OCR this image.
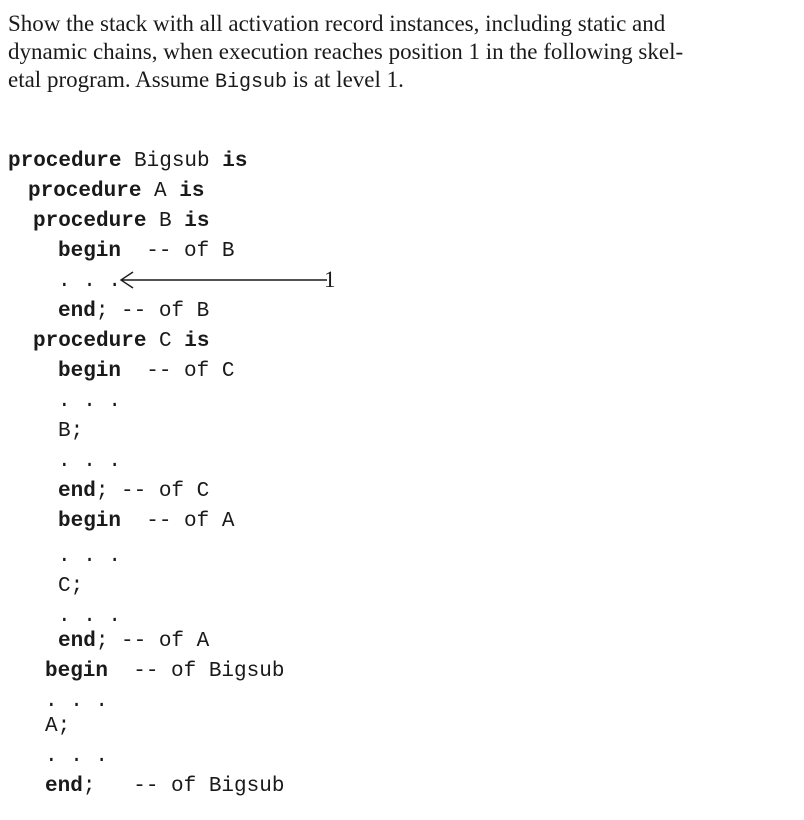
Show the stack with all activation record instances, including static and
dynamic chains, when execution reaches position 1 in the following skel-
etal program. Assume Bigsub is at level 1.
procedure Bigsub is
procedure A is
procedure B is
begin  -- of B
. . .
end; -- of B
procedure C is
begin  -- of C
. . .
B;
. . .
end; -- of C
begin  -- of A
. . .
C;
. . .
end; -- of A
begin  -- of Bigsub
. . .
A;
. . .
end;   -- of Bigsub
1
